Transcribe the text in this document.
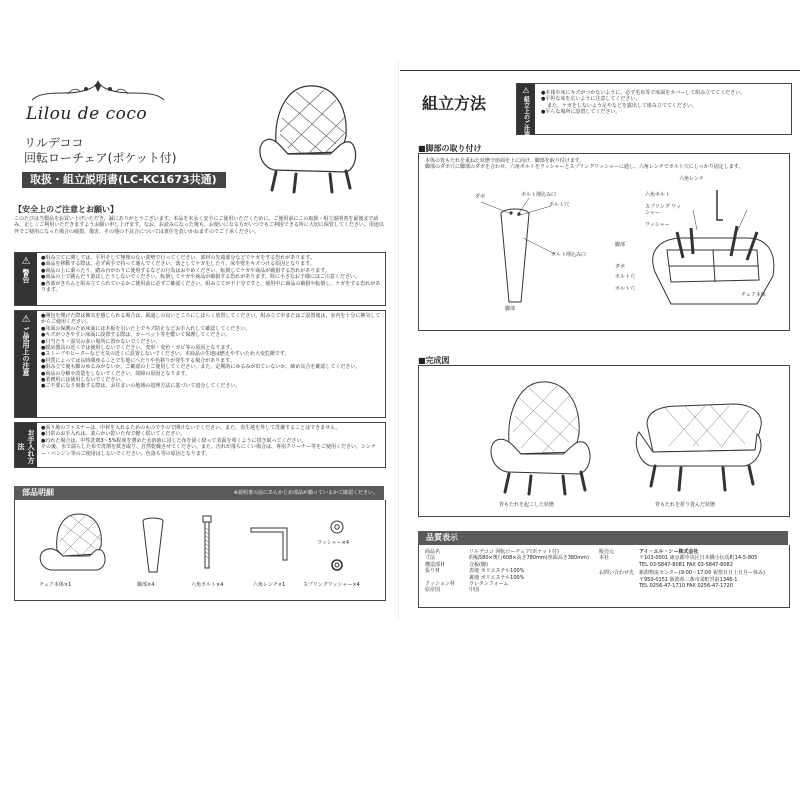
Lilou de coco
リルデココ
回転ローチェア(ポケット付)
取扱・組立説明書(LC-KC1673共通)
【安全上のご注意とお願い】
このたびは当製品をお買い上げいただき、誠にありがとうございます。本品を末永く安全にご使用いただくために、ご使用前にこの取扱・組立説明書を最後まで読み、正しくご利用いただきますようお願い申し上げます。なお、お読みになった後も、お使いになる方がいつでもご利用できる所に大切に保管してください。用途以外でご使用になった場合の破損、傷害、その他の不具合については責任を負いかねますのでご了承ください。
⚠
警告
●組み立てに関しては、平坦そして無理のない姿勢で行ってください。部材の先端部分などでケガをする恐れがあります。
●商品を移動する際は、必ず両手で持って運んでください。落としてケガをしたり、床や壁をキズつける原因となります。
●商品の上に乗ったり、踏み台がわりに使用するなどの行為はおやめください。転倒してケガや商品が破損する恐れがあります。
●商品の上で跳んだり遊ばしたりしないでください。転倒してケガや商品が破損する恐れがあります。特に小さなお子様にはご注意ください。
●各部がきちんと組み立てられているかご使用前に必ずご確認ください。組み立てが不十分ですと、使用中に商品の破損や転倒し、ケガをする恐れがあります。
⚠
ご使用上の注意
●開包を開けた際は換気を感じられる場合は、風通しの良いところにしばらく放置してください。組み立て中またはご設置後は、室内を十分に換気してからご使用ください。
●床面の保護のため床面には木板を引いた上でキズ防止などお手入れして確認してください。
●キズがつきやすい床面に設置する際は、カーペット等を敷いて保護してください。
●日当たり・湿気の多い場所に置かないでください。
●暖房器具の近くでは使用しないでください。変形・変色・カビ等の原因となります。
●ストーブやヒーターなど火気の近くに設置しないでください。本商品の生地は燃えやすいため大変危険です。
●材質によっては長時間座ることで生地にへたりや色移りが発生する場合があります。
●組み立て後も脚のゆるみがないか、ご確認の上ご使用してください。また、定期的にゆるみが出ていないか、締め具合を確認してください。
●商品の分解や改造をしないでください。故障の原因となります。
●業務用には使用しないでください。
●ご不要になり廃棄する際は、お住まいの地域の処理方法に基づいて処分してください。
お手入れ方法
●張り地のファスナーは、中材を入れるためのものですので開けないでください。また、表生地を外して洗濯することはできません。
●日常のお手入れは、柔らかい乾いた布で軽く拭いてください。
●汚れた場合は、中性洗剤3〜5%程度を薄めた水溶液に浸した布を固く絞って表面を叩くように拭き取ってください。
その後、水で濡らした布で洗剤を拭き取り、自然乾燥させてください。また、汚れが落ちにくい場合は、専用クリーナー等をご使用ください。シンナー・ベンジン等のご使用はしないでください。色落ち等の原因となります。
部品明細	※説明書の前にあらかじめ部品が揃っているかご確認ください。
チェア本体×1	脚部×4	六角ボルト×4	六角レンチ×1
ワッシャー×4
スプリングワッシャー×4
組立方法
⚠
組立上のご注意
●本体や床にキズがつかないように、必ず毛布等で床面をカバーして組み立ててください。
●平坦な床を広いように注意してください。
また、ケガをしないよう足やなどを露出して組み立ててください。
●平らな場所に設置してください。
■脚部の取り付け
本体の背もたれを重ねた状態で座面を上に向け、脚部を取り付けます。
脚部のダボ穴に脚部のダボを合わせ、六角ボルトをワッシャーとスプリングワッシャーに通し、六角レンチでボルト穴にしっかり固定します。
ダボ	ボルト埋込み口
ボルト穴
ボルト埋込み口
脚部
六角レンチ
六角ボルト
スプリング ワッシャー
ワッシャー
脚部
ダボ
ボルト穴
ボルト穴
チェア本体
■完成図
背もたれを起こした状態	背もたれを折り畳んだ状態
品質表示
商品名	リルデココ 回転ローチェア(ポケット付)
寸法	約幅580×奥行608×高さ780mm(座面高さ380mm)
構造部材	合板(脚)
張り材	表地 ポリエステル100%
裏地 ポリエステル100%
クッション材	ウレタンフォーム
原産国	中国
販売元	アイ・エル・シー株式会社
本社	〒103-0001 東京都中央区日本橋小伝馬町14-5-805
TEL 03-5847-8081 FAX 03-5847-8082
お問い合わせ先 新潟物流センター(9:00〜17:00 祝祭日日土日月ー休み)
〒950-0151 新潟県三条市栄町宮前1346-1
TEL 0256-47-1710 FAX 0256-47-1720
